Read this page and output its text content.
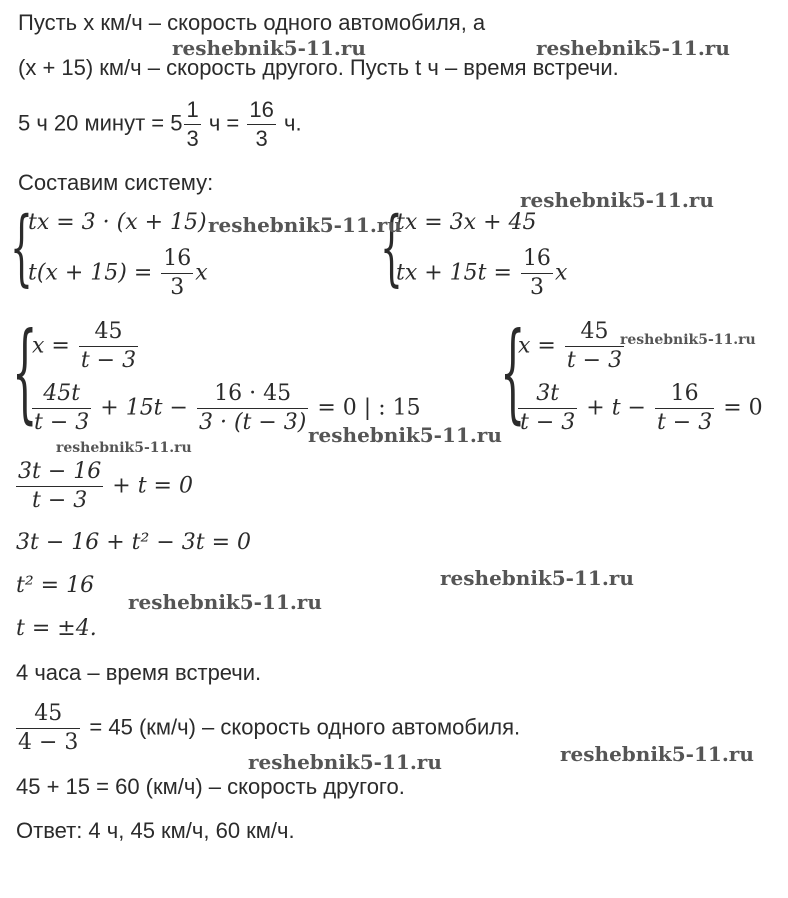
Пусть x км/ч – скорость одного автомобиля, а
(x + 15) км/ч – скорость другого. Пусть t ч – время встречи.
5 ч 20 минут = $5 \frac{1}{3}$ $ч = \frac{16}{3} ч$.
Составим систему:
{
tx = 3 · (x + 15)
$t(x + 15) = \frac{16}{3}$ x	{
tx = 3x + 45
tx + $15t = \frac{16}{3}$ x
{
$x = \frac{45}{t - 3}$
$\frac{45t}{t - 3} + 15t - \frac{16 \cdot 45}{3 \cdot (t - 3)} = 0$ | : 15 {
$x = \frac{45}{t - 3}$
$\frac{3t}{t - 3} + t - \frac{16}{t - 3} = 0$
$\frac{3t - 16}{t - 3} + t = 0$
3t − 16 + t² − 3t = 0
t² = 16
t = ±4.
4 часа – время встречи.
$\frac{45}{4 - 3} = 45$ (км/ч) – скорость одного автомобиля.
45 + 15 = 60 (км/ч) – скорость другого.
Ответ: 4 ч, 45 км/ч, 60 км/ч.
reshebnik5-11.ru	reshebnik5-11.ru
reshebnik5-11.ru
reshebnik5-11.ru
reshebnik5-11.ru
reshebnik5-11.ru
reshebnik5-11.ru
reshebnik5-11.ru
reshebnik5-11.ru
reshebnik5-11.ru
reshebnik5-11.ru
